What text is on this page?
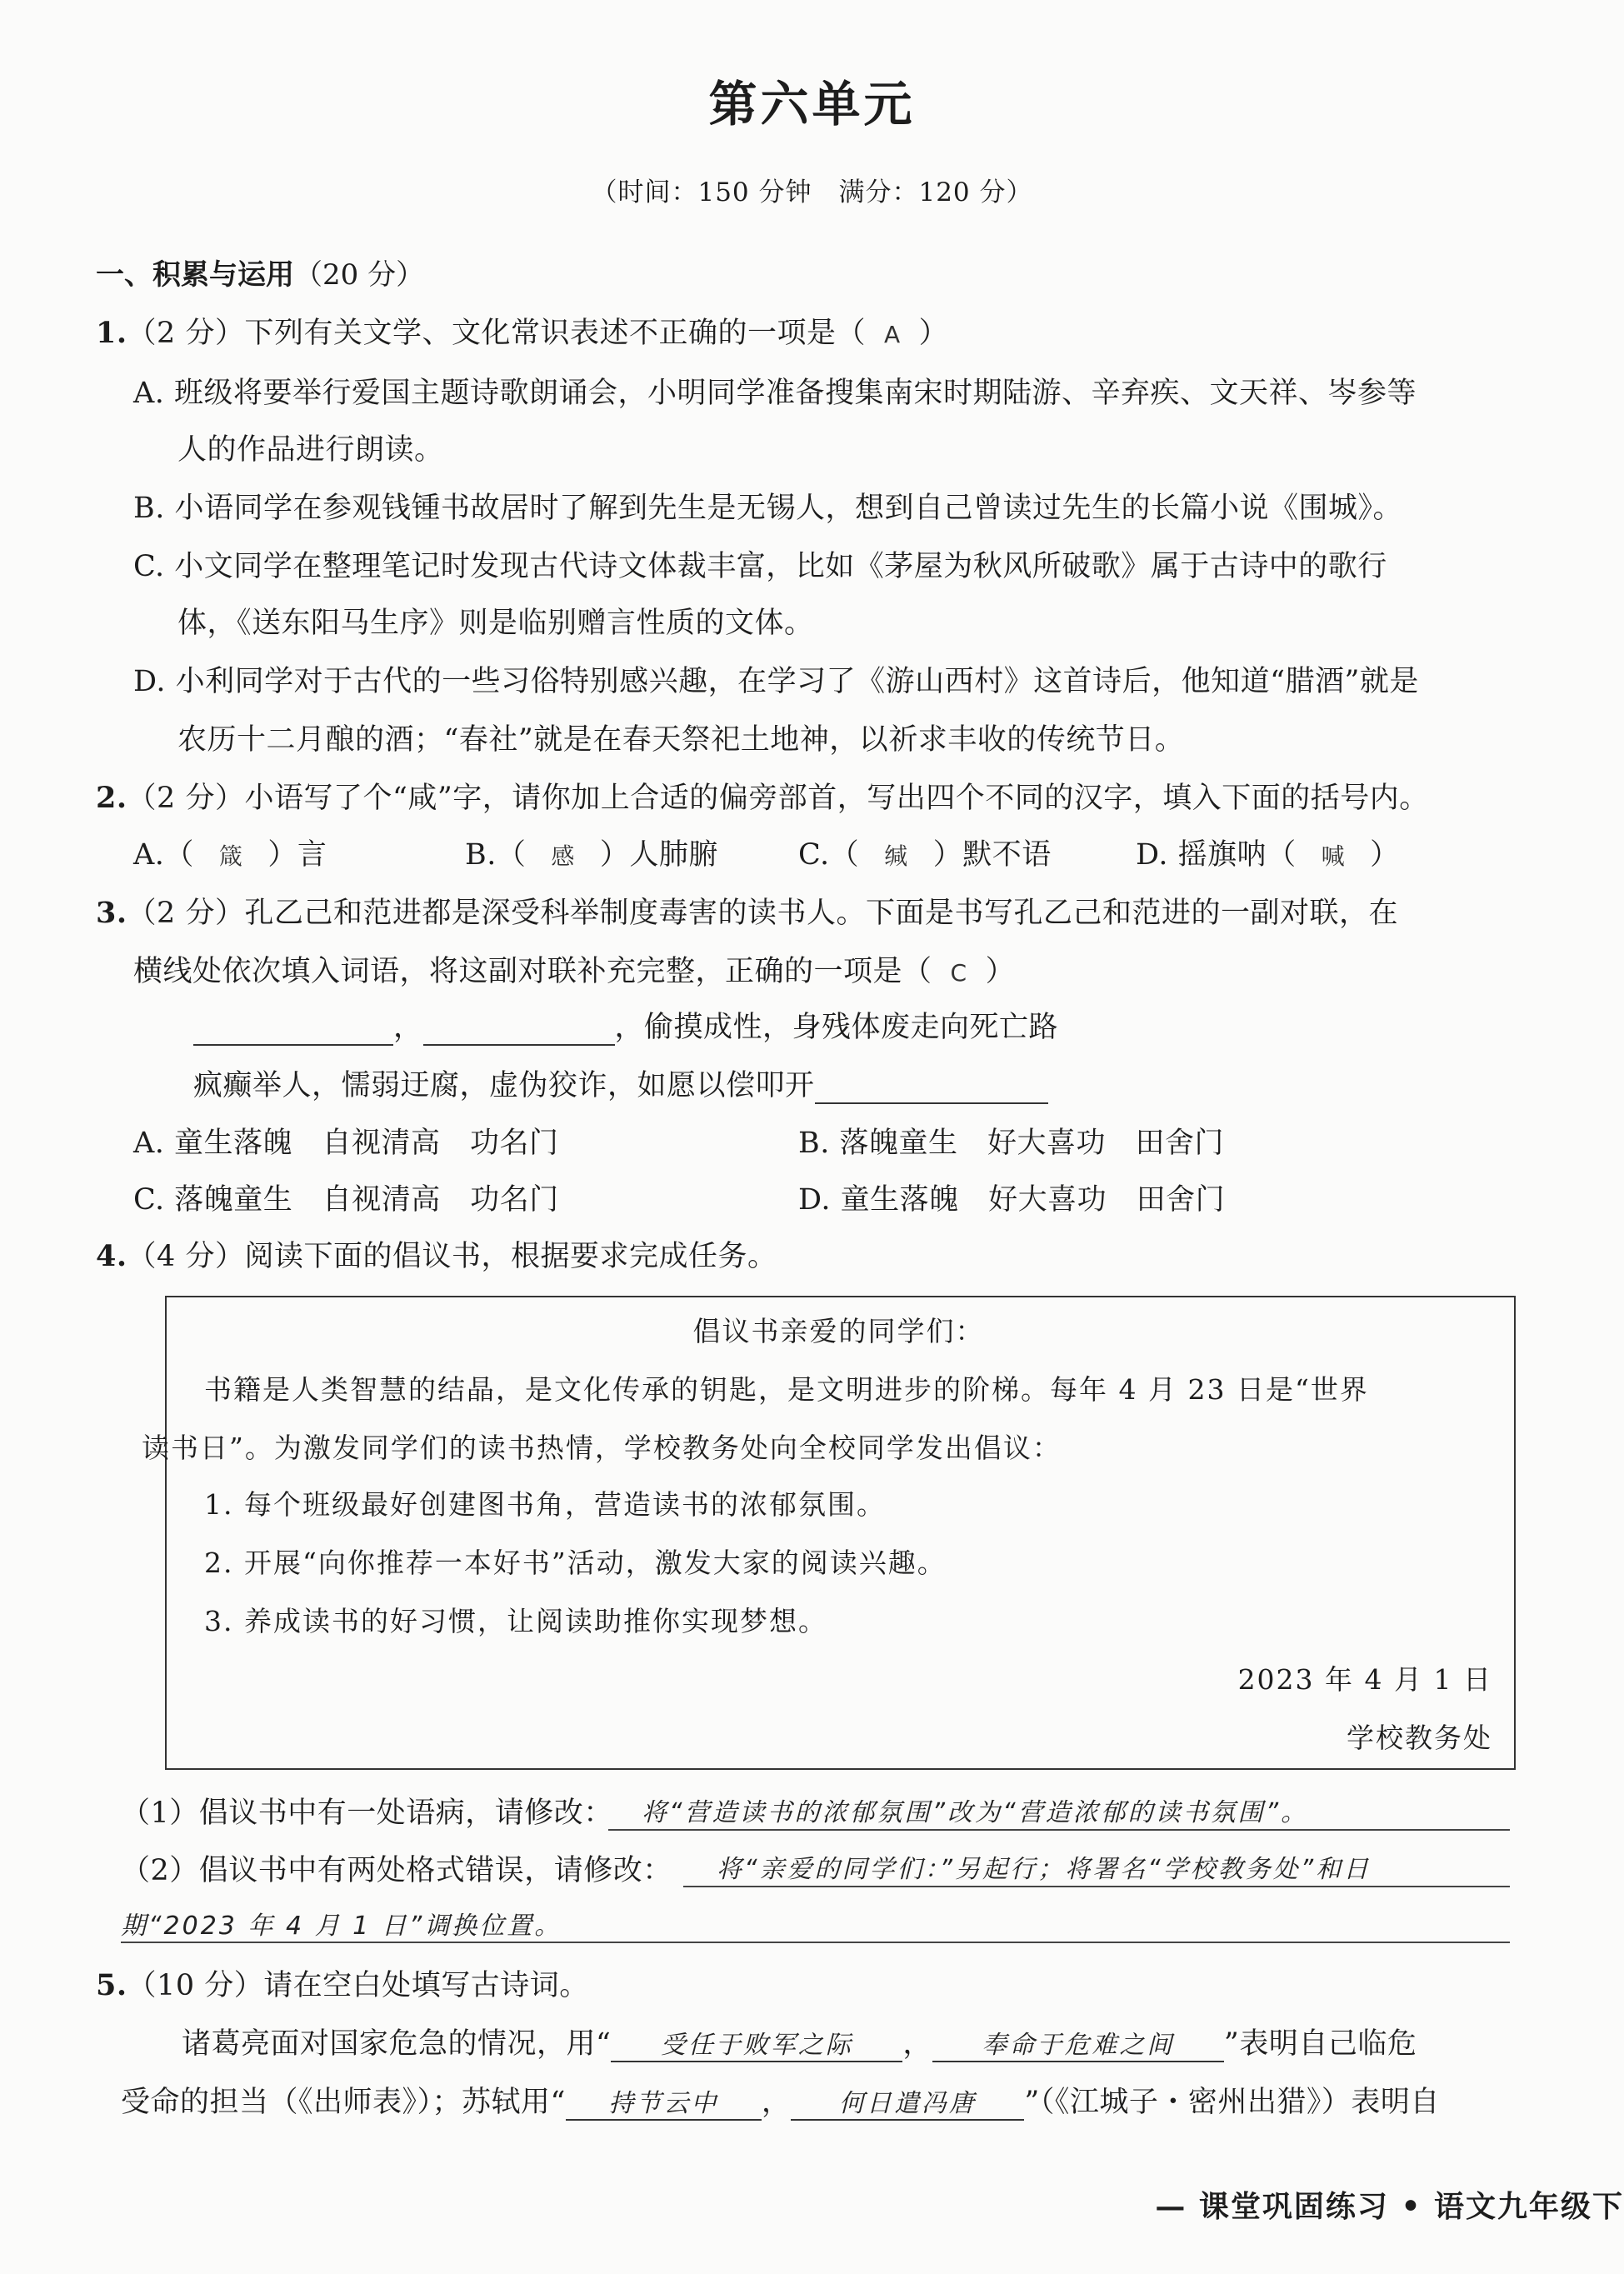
第六单元
（时间：150 分钟　满分：120 分）
一、积累与运用（20 分）
1.（2 分）下列有关文学、文化常识表述不正确的一项是（ A ）
A. 班级将要举行爱国主题诗歌朗诵会，小明同学准备搜集南宋时期陆游、辛弃疾、文天祥、岑参等
人的作品进行朗读。
B. 小语同学在参观钱锺书故居时了解到先生是无锡人，想到自己曾读过先生的长篇小说《围城》。
C. 小文同学在整理笔记时发现古代诗文体裁丰富，比如《茅屋为秋风所破歌》属于古诗中的歌行
体，《送东阳马生序》则是临别赠言性质的文体。
D. 小利同学对于古代的一些习俗特别感兴趣，在学习了《游山西村》这首诗后，他知道“腊酒”就是
农历十二月酿的酒；“春社”就是在春天祭祀土地神，以祈求丰收的传统节日。
2.（2 分）小语写了个“咸”字，请你加上合适的偏旁部首，写出四个不同的汉字，填入下面的括号内。
A.（ 箴 ）言	B.（ 感 ）人肺腑	C.（ 缄 ）默不语	D. 摇旗呐（ 喊 ）
3.（2 分）孔乙己和范进都是深受科举制度毒害的读书人。下面是书写孔乙己和范进的一副对联，在
横线处依次填入词语，将这副对联补充完整，正确的一项是（ C ）
，	，偷摸成性，身残体废走向死亡路
疯癫举人，懦弱迂腐，虚伪狡诈，如愿以偿叩开
A. 童生落魄　自视清高　功名门	B. 落魄童生　好大喜功　田舍门
C. 落魄童生　自视清高　功名门	D. 童生落魄　好大喜功　田舍门
4.（4 分）阅读下面的倡议书，根据要求完成任务。
倡议书亲爱的同学们：
书籍是人类智慧的结晶，是文化传承的钥匙，是文明进步的阶梯。每年 4 月 23 日是“世界
读书日”。为激发同学们的读书热情，学校教务处向全校同学发出倡议：
1. 每个班级最好创建图书角，营造读书的浓郁氛围。
2. 开展“向你推荐一本好书”活动，激发大家的阅读兴趣。
3. 养成读书的好习惯，让阅读助推你实现梦想。
2023 年 4 月 1 日
学校教务处
（1）倡议书中有一处语病，请修改： 将“营造读书的浓郁氛围”改为“营造浓郁的读书氛围”。
（2）倡议书中有两处格式错误，请修改： 将“亲爱的同学们：”另起行；将署名“学校教务处”和日
期“2023 年 4 月 1 日”调换位置。
5.（10 分）请在空白处填写古诗词。
诸葛亮面对国家危急的情况，用“ 受任于败军之际 ， 奉命于危难之间 ”表明自己临危
受命的担当（《出师表》）；苏轼用“ 持节云中 ， 何日遣冯唐 ”（《江城子・密州出猎》）表明自
— 课堂巩固练习 • 语文九年级下
